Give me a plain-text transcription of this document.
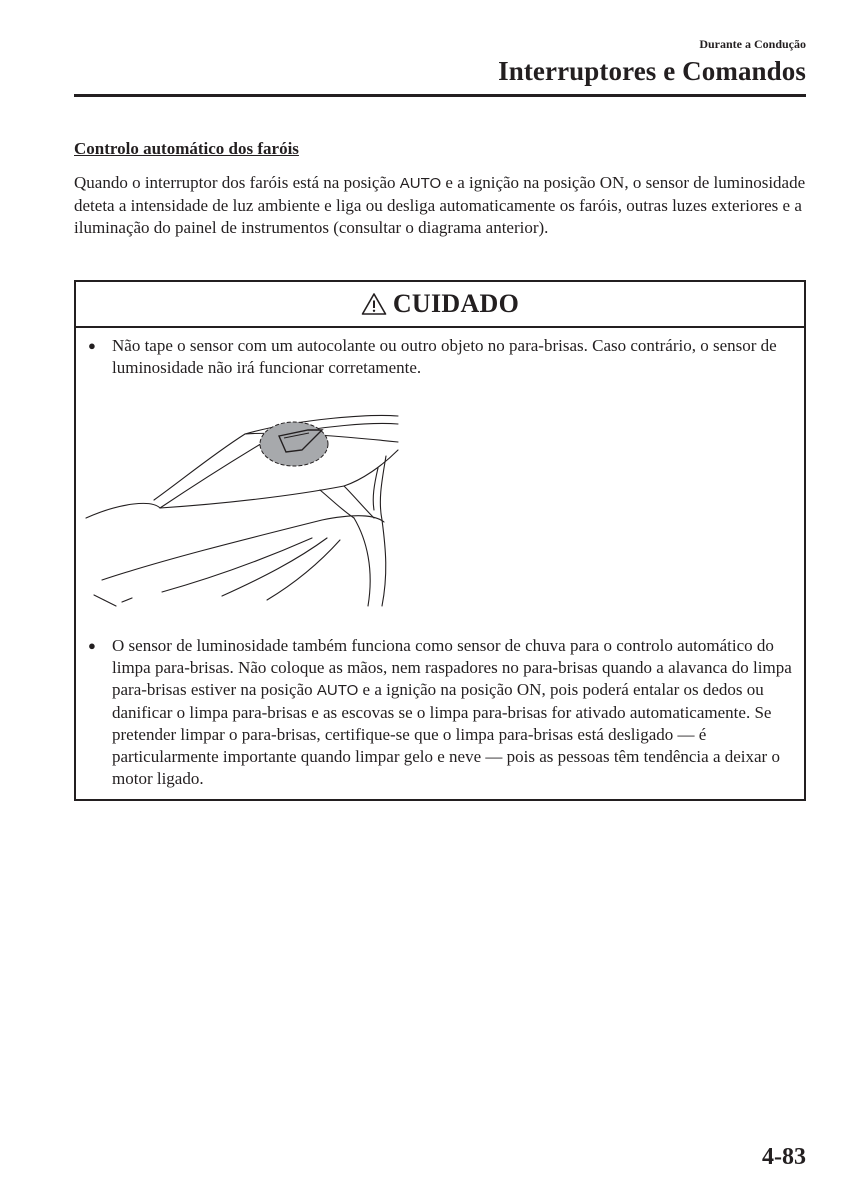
Durante a Condução
Interruptores e Comandos
Controlo automático dos faróis

Quando o interruptor dos faróis está na posição AUTO e a ignição na posição ON, o sensor de luminosidade deteta a intensidade de luz ambiente e liga ou desliga automaticamente os faróis, outras luzes exteriores e a iluminação do painel de instrumentos (consultar o diagrama anterior).

CUIDADO
● Não tape o sensor com um autocolante ou outro objeto no para-brisas. Caso contrário, o sensor de luminosidade não irá funcionar corretamente.
● O sensor de luminosidade também funciona como sensor de chuva para o controlo automático do limpa para-brisas. Não coloque as mãos, nem raspadores no para-brisas quando a alavanca do limpa para-brisas estiver na posição AUTO e a ignição na posição ON, pois poderá entalar os dedos ou danificar o limpa para-brisas e as escovas se o limpa para-brisas for ativado automaticamente. Se pretender limpar o para-brisas, certifique-se que o limpa para-brisas está desligado — é particularmente importante quando limpar gelo e neve — pois as pessoas têm tendência a deixar o motor ligado.
4-83
